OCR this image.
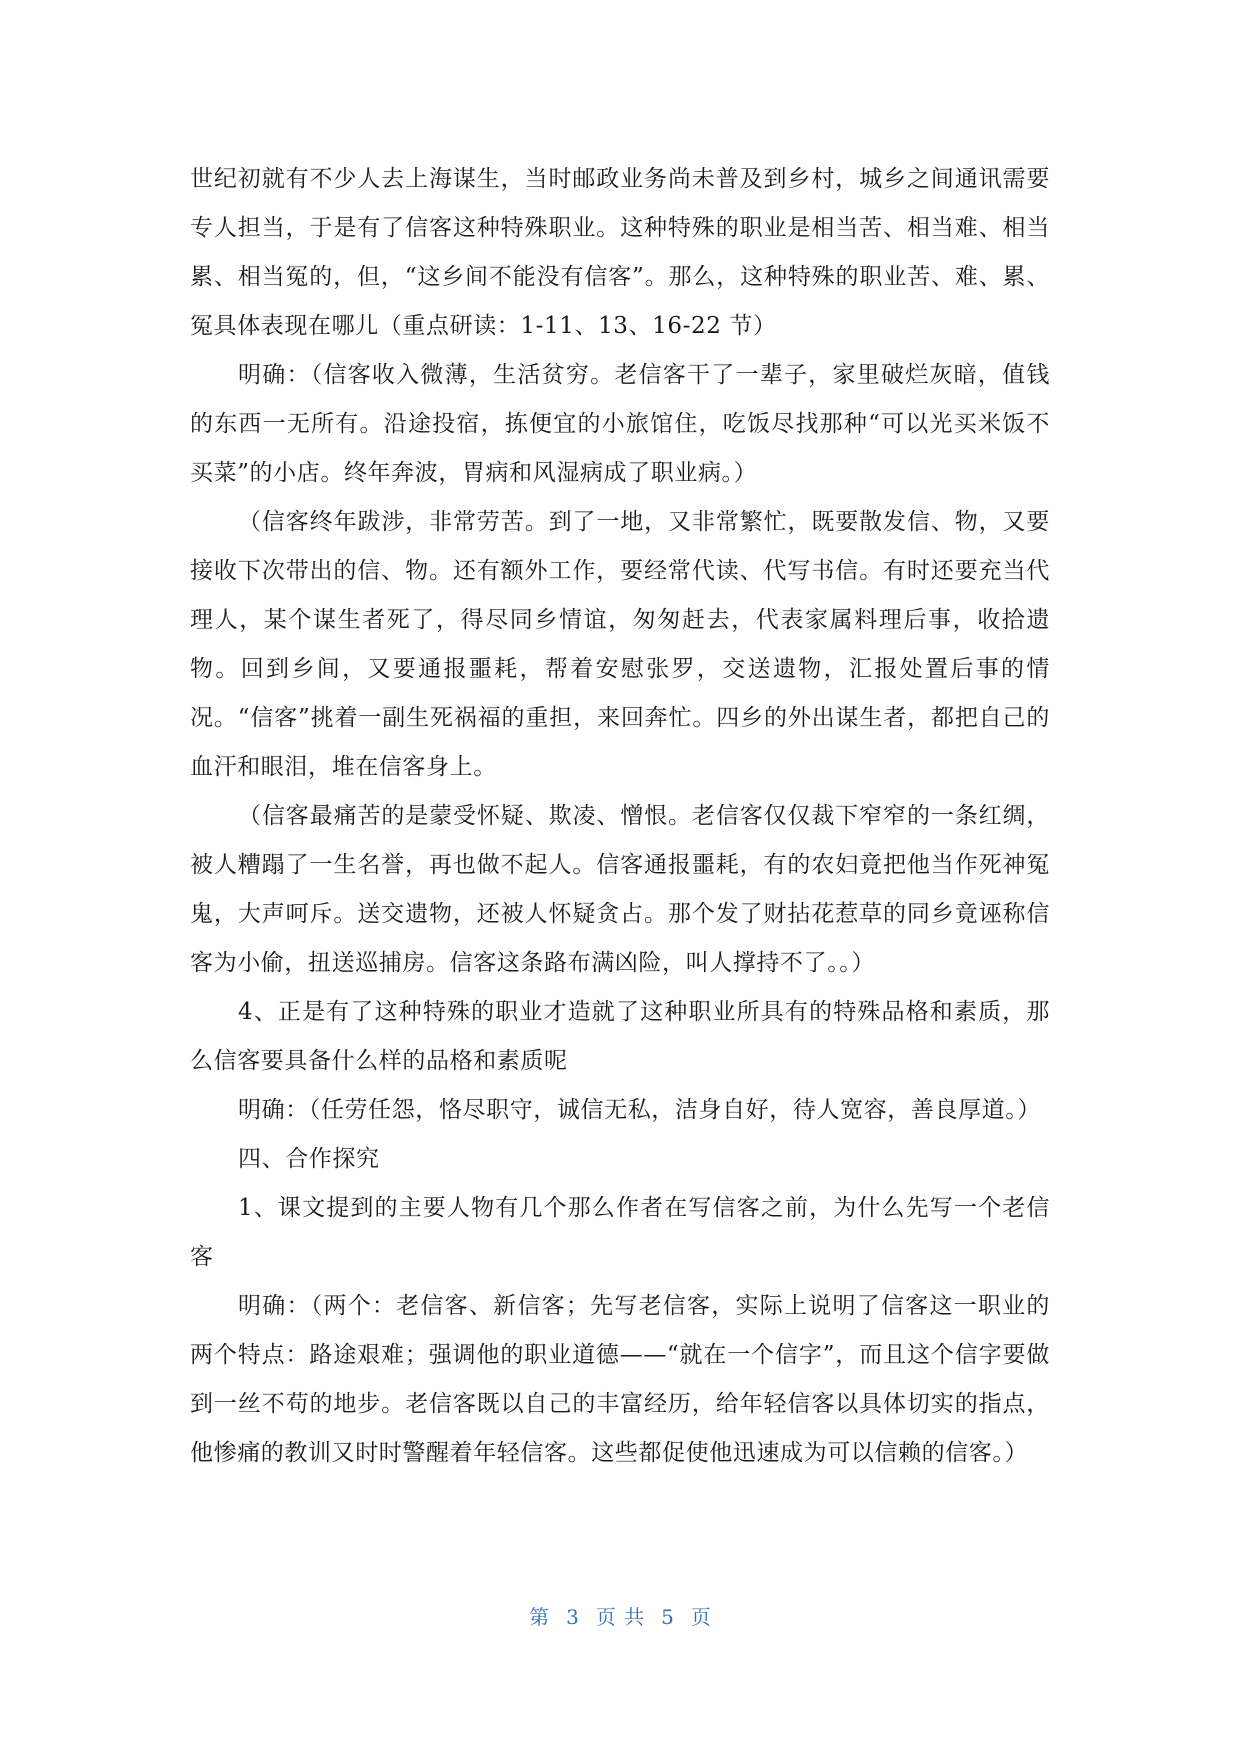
世纪初就有不少人去上海谋生，当时邮政业务尚未普及到乡村，城乡之间通讯需要专人担当，于是有了信客这种特殊职业。这种特殊的职业是相当苦、相当难、相当累、相当冤的，但，“这乡间不能没有信客”。那么，这种特殊的职业苦、难、累、冤具体表现在哪儿（重点研读：1-11、13、16-22 节）

明确：（信客收入微薄，生活贫穷。老信客干了一辈子，家里破烂灰暗，值钱的东西一无所有。沿途投宿，拣便宜的小旅馆住，吃饭尽找那种“可以光买米饭不买菜”的小店。终年奔波，胃病和风湿病成了职业病。）

（信客终年跋涉，非常劳苦。到了一地，又非常繁忙，既要散发信、物，又要接收下次带出的信、物。还有额外工作，要经常代读、代写书信。有时还要充当代理人，某个谋生者死了，得尽同乡情谊，匆匆赶去，代表家属料理后事，收拾遗物。回到乡间，又要通报噩耗，帮着安慰张罗，交送遗物，汇报处置后事的情况。“信客”挑着一副生死祸福的重担，来回奔忙。四乡的外出谋生者，都把自己的血汗和眼泪，堆在信客身上。

（信客最痛苦的是蒙受怀疑、欺凌、憎恨。老信客仅仅裁下窄窄的一条红绸，被人糟蹋了一生名誉，再也做不起人。信客通报噩耗，有的农妇竟把他当作死神冤鬼，大声呵斥。送交遗物，还被人怀疑贪占。那个发了财拈花惹草的同乡竟诬称信客为小偷，扭送巡捕房。信客这条路布满凶险，叫人撑持不了。。）

4、正是有了这种特殊的职业才造就了这种职业所具有的特殊品格和素质，那么信客要具备什么样的品格和素质呢

明确：（任劳任怨，恪尽职守，诚信无私，洁身自好，待人宽容，善良厚道。）

四、合作探究

1、课文提到的主要人物有几个那么作者在写信客之前，为什么先写一个老信客

明确：（两个：老信客、新信客；先写老信客，实际上说明了信客这一职业的两个特点：路途艰难；强调他的职业道德——“就在一个信字”，而且这个信字要做到一丝不苟的地步。老信客既以自己的丰富经历，给年轻信客以具体切实的指点，他惨痛的教训又时时警醒着年轻信客。这些都促使他迅速成为可以信赖的信客。）

第 3 页 共 5 页
